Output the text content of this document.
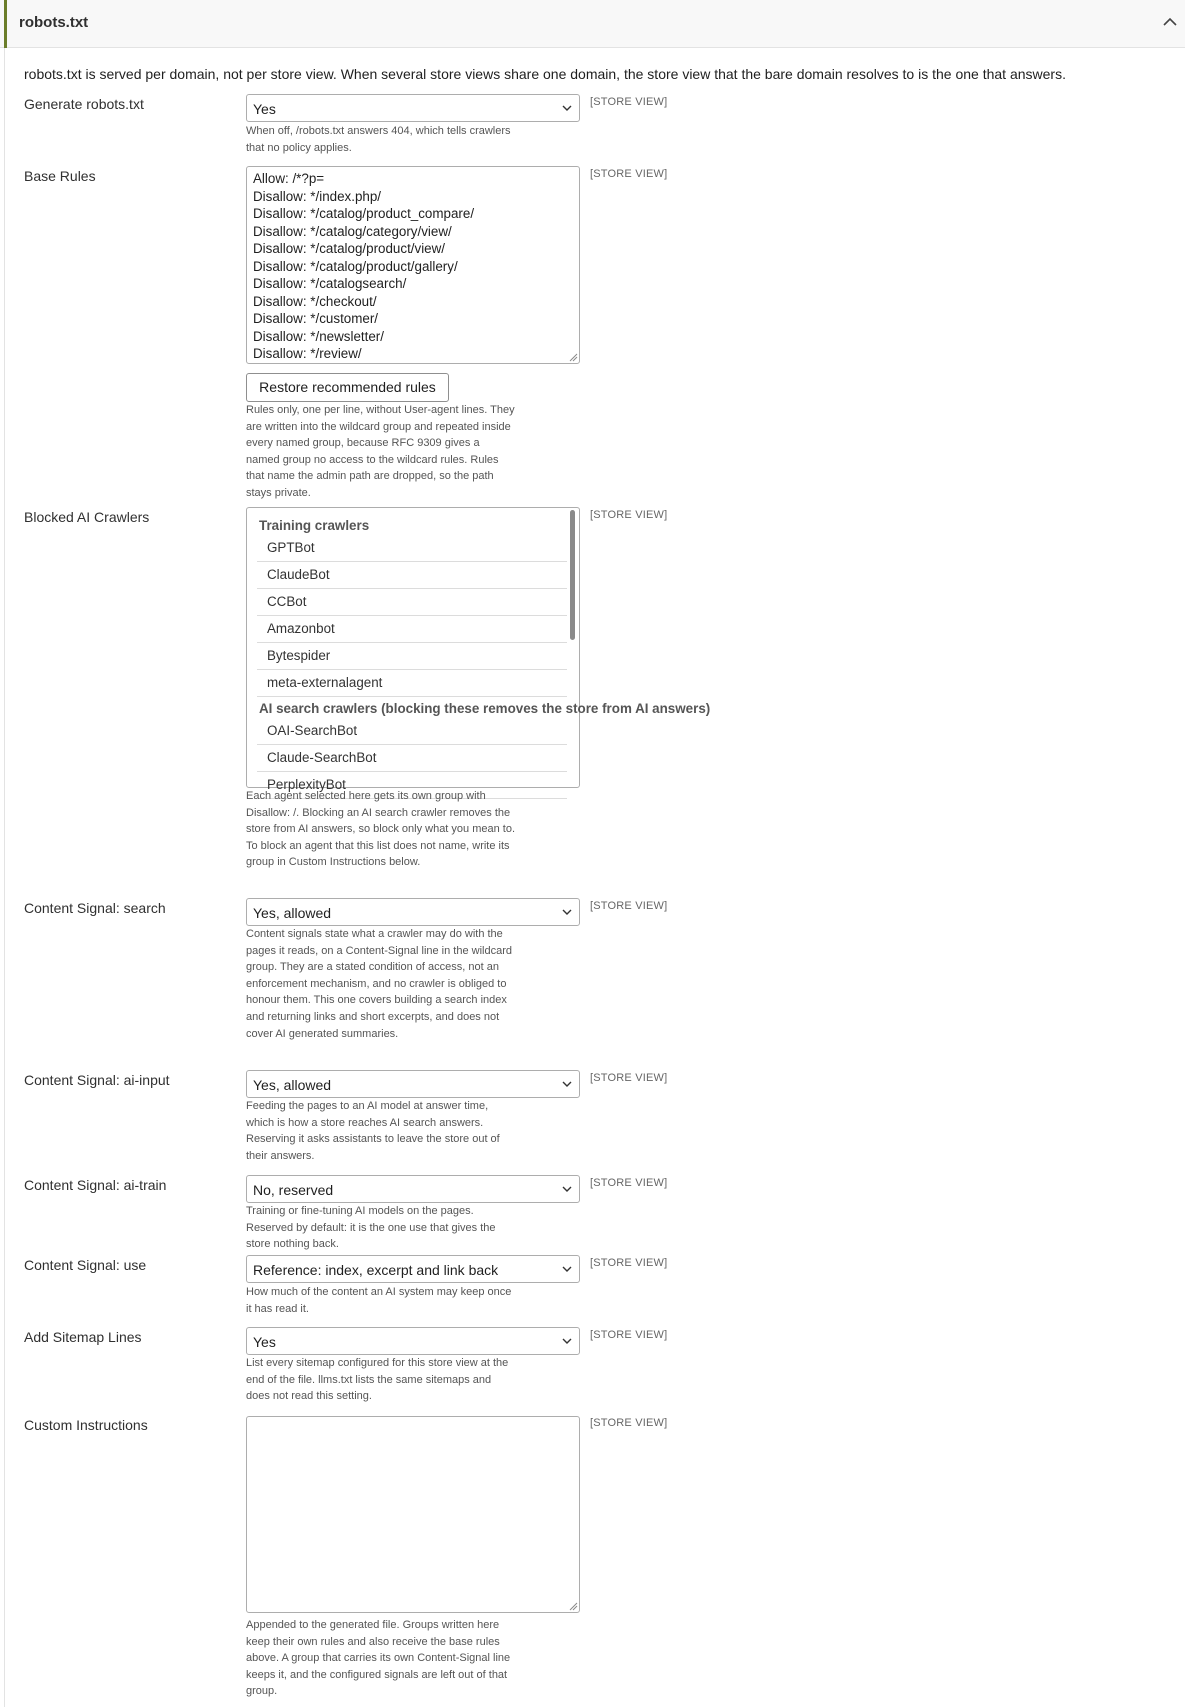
robots.txt
robots.txt is served per domain, not per store view. When several store views share one domain, the store view that the bare domain resolves to is the one that answers.
Generate robots.txt	Yes	[STORE VIEW]
When off, /robots.txt answers 404, which tells crawlers that no policy applies.
Base Rules	Allow: /*?p=
Disallow: */index.php/
Disallow: */catalog/product_compare/
Disallow: */catalog/category/view/
Disallow: */catalog/product/view/
Disallow: */catalog/product/gallery/
Disallow: */catalogsearch/
Disallow: */checkout/
Disallow: */customer/
Disallow: */newsletter/
Disallow: */review/
[STORE VIEW]
Restore recommended rules
Rules only, one per line, without User-agent lines. They are written into the wildcard group and repeated inside every named group, because RFC 9309 gives a named group no access to the wildcard rules. Rules that name the admin path are dropped, so the path stays private.
Blocked AI Crawlers
Training crawlers
GPTBot
ClaudeBot
CCBot
Amazonbot
Bytespider
meta-externalagent
AI search crawlers (blocking these removes the store from AI answers)
OAI-SearchBot
Claude-SearchBot
PerplexityBot
[STORE VIEW]
Each agent selected here gets its own group with Disallow: /. Blocking an AI search crawler removes the store from AI answers, so block only what you mean to. To block an agent that this list does not name, write its group in Custom Instructions below.
Content Signal: search	Yes, allowed	[STORE VIEW]
Content signals state what a crawler may do with the pages it reads, on a Content-Signal line in the wildcard group. They are a stated condition of access, not an enforcement mechanism, and no crawler is obliged to honour them. This one covers building a search index and returning links and short excerpts, and does not cover AI generated summaries.
Content Signal: ai-input	Yes, allowed	[STORE VIEW]
Feeding the pages to an AI model at answer time, which is how a store reaches AI search answers. Reserving it asks assistants to leave the store out of their answers.
Content Signal: ai-train	No, reserved	[STORE VIEW]
Training or fine-tuning AI models on the pages. Reserved by default: it is the one use that gives the store nothing back.
Content Signal: use	Reference: index, excerpt and link back	[STORE VIEW]
How much of the content an AI system may keep once it has read it.
Add Sitemap Lines	Yes	[STORE VIEW]
List every sitemap configured for this store view at the end of the file. llms.txt lists the same sitemaps and does not read this setting.
Custom Instructions	[STORE VIEW]
Appended to the generated file. Groups written here keep their own rules and also receive the base rules above. A group that carries its own Content-Signal line keeps it, and the configured signals are left out of that group.
